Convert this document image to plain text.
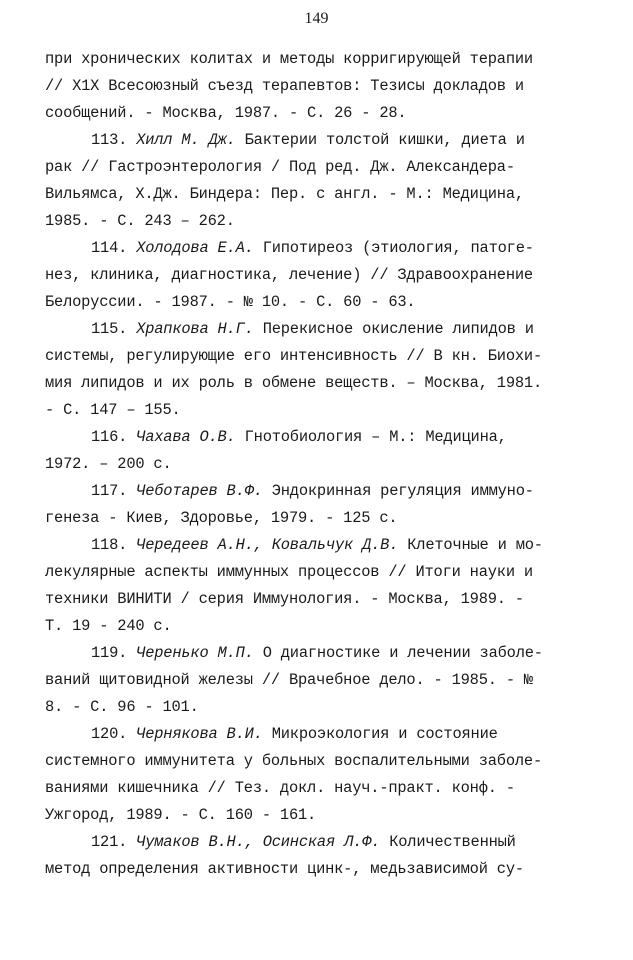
149
при хронических колитах и методы корригирующей терапии
// X1X Всесоюзный съезд терапевтов: Тезисы докладов и
сообщений. - Москва, 1987. - С. 26 - 28.
113. Хилл М. Дж. Бактерии толстой кишки, диета и
рак // Гастроэнтерология / Под ред. Дж. Александера-
Вильямса, Х.Дж. Биндера: Пер. с англ. - М.: Медицина,
1985. - С. 243 – 262.
114. Холодова Е.А. Гипотиреоз (этиология, патоге-
нез, клиника, диагностика, лечение) // Здравоохранение
Белоруссии. - 1987. - № 10. - С. 60 - 63.
115. Храпкова Н.Г. Перекисное окисление липидов и
системы, регулирующие его интенсивность // В кн. Биохи-
мия липидов и их роль в обмене веществ. – Москва, 1981.
- С. 147 – 155.
116. Чахава О.В. Гнотобиология – М.: Медицина,
1972. – 200 с.
117. Чеботарев В.Ф. Эндокринная регуляция иммуно-
генеза - Киев, Здоровье, 1979. - 125 с.
118. Чередеев А.Н., Ковальчук Д.В. Клеточные и мо-
лекулярные аспекты иммунных процессов // Итоги науки и
техники ВИНИТИ / серия Иммунология. - Москва, 1989. -
Т. 19 - 240 с.
119. Черенько М.П. О диагностике и лечении заболе-
ваний щитовидной железы // Врачебное дело. - 1985. - №
8. - С. 96 - 101.
120. Чернякова В.И. Микроэкология и состояние
системного иммунитета у больных воспалительными заболе-
ваниями кишечника // Тез. докл. науч.-практ. конф. -
Ужгород, 1989. - С. 160 - 161.
121. Чумаков В.Н., Осинская Л.Ф. Количественный
метод определения активности цинк-, медьзависимой су-
